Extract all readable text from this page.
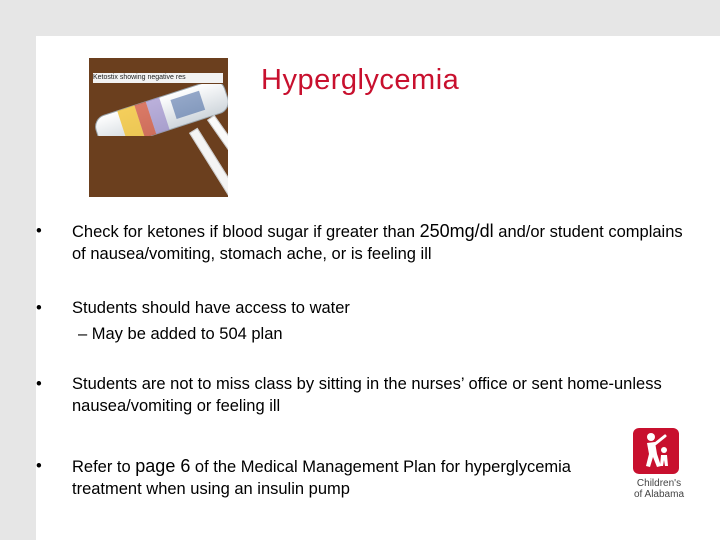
Ketostix showing negative res	Hyperglycemia
• Check for ketones if blood sugar if greater than 250mg/dl and/or student complains of nausea/vomiting, stomach ache, or is feeling ill
• Students should have access to water
– May be added to 504 plan
• Students are not to miss class by sitting in the nurses’ office or sent home-unless nausea/vomiting or feeling ill
• Refer to page 6 of the Medical Management Plan for hyperglycemia treatment when using an insulin pump	Children's
of Alabama
